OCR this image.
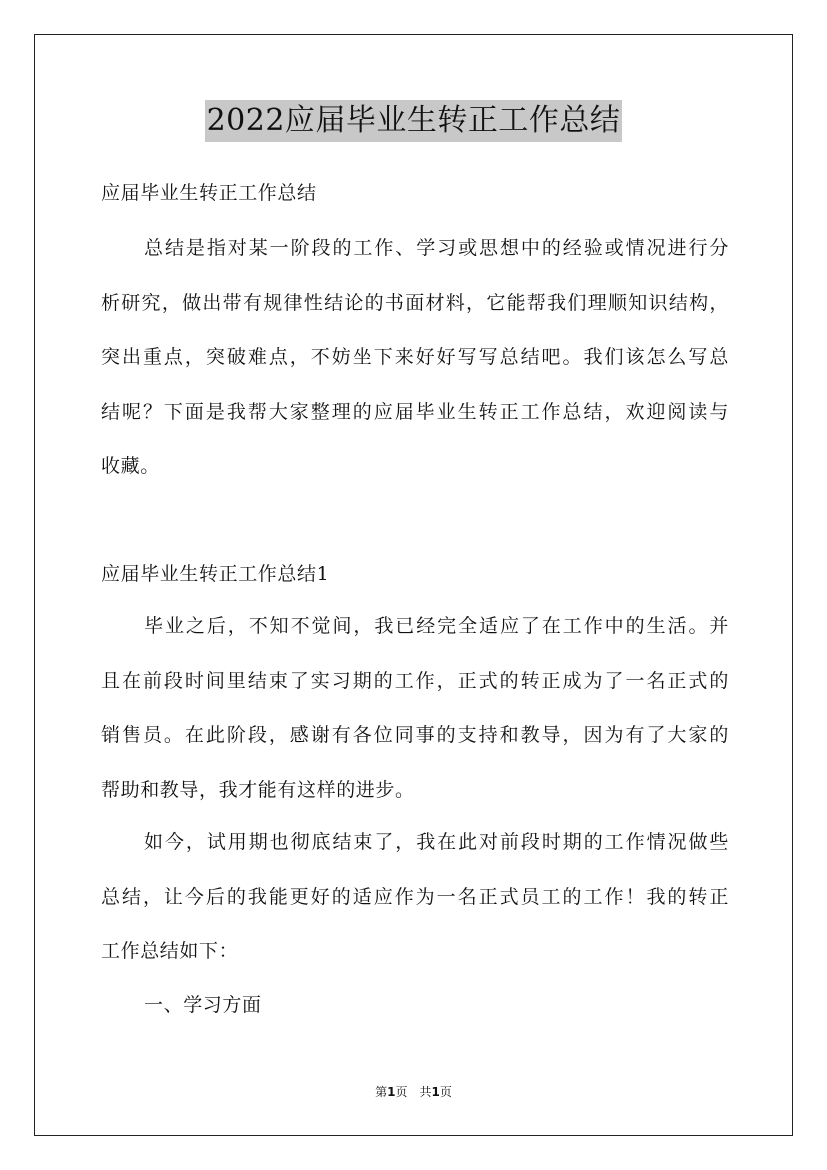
2022应届毕业生转正工作总结
应届毕业生转正工作总结
总结是指对某一阶段的工作、学习或思想中的经验或情况进行分
析研究，做出带有规律性结论的书面材料，它能帮我们理顺知识结构，
突出重点，突破难点，不妨坐下来好好写写总结吧。我们该怎么写总
结呢？下面是我帮大家整理的应届毕业生转正工作总结，欢迎阅读与
收藏。
应届毕业生转正工作总结1
毕业之后，不知不觉间，我已经完全适应了在工作中的生活。并
且在前段时间里结束了实习期的工作，正式的转正成为了一名正式的
销售员。在此阶段，感谢有各位同事的支持和教导，因为有了大家的
帮助和教导，我才能有这样的进步。
如今，试用期也彻底结束了，我在此对前段时期的工作情况做些
总结，让今后的我能更好的适应作为一名正式员工的工作！我的转正
工作总结如下：
一、学习方面
第1页　共1页
